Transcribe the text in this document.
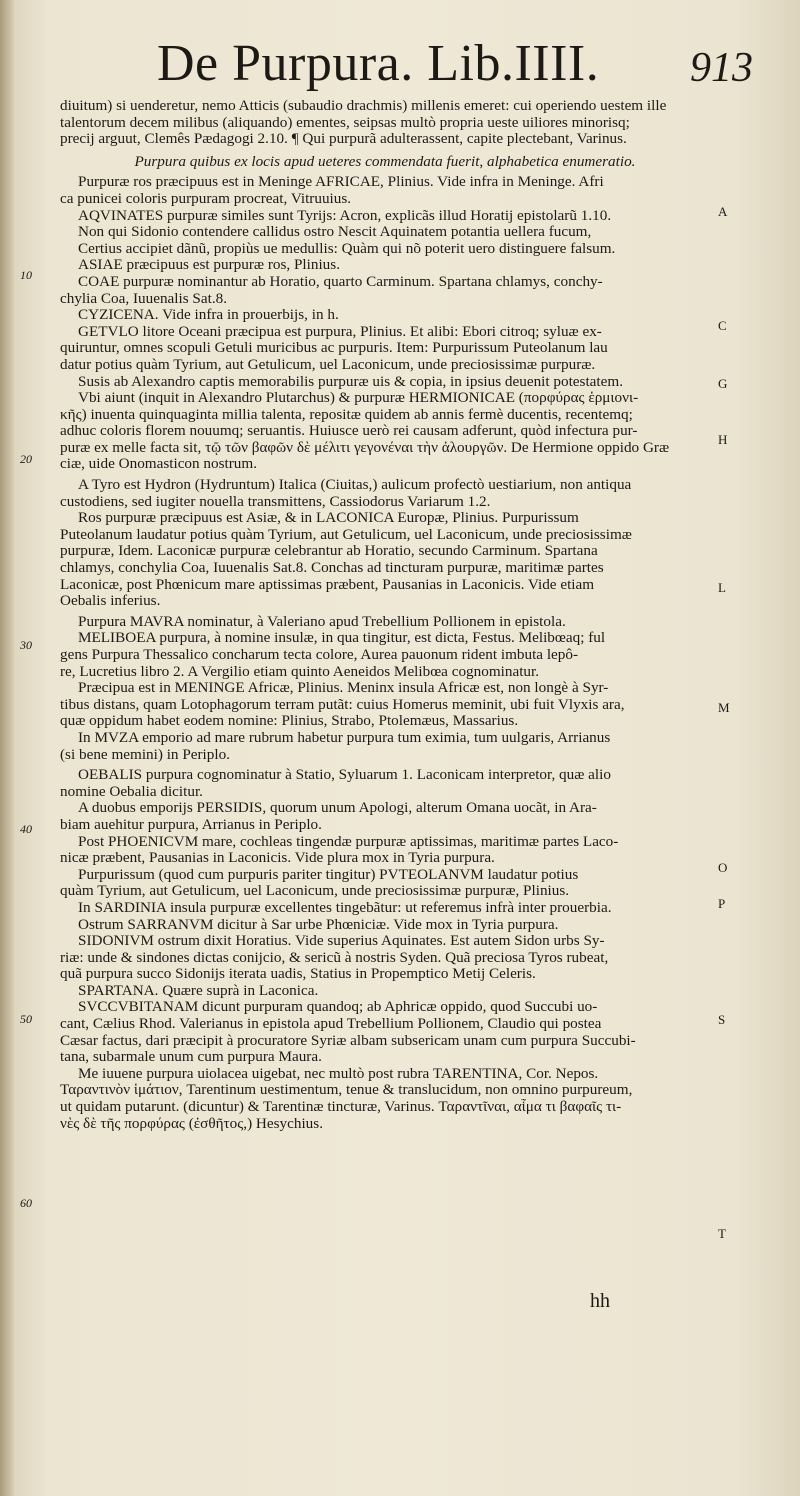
De Purpura. Lib.IIII. 913
diuitum) si uenderetur, nemo Atticis (subaudio drachmis) millenis emeret: cui operiendo uestem ille
talentorum decem milibus (aliquando) ementes, seipsas multò propria ueste uiliores minorisq;
precij arguut, Clemês Pædagogi 2.10. ¶ Qui purpurã adulterassent, capite plectebant, Varinus.
Purpura quibus ex locis apud ueteres commendata fuerit, alphabetica enumeratio.
Purpuræ ros præcipuus est in Meninge AFRICAE, Plinius. Vide infra in Meninge. Afri
ca punicei coloris purpuram procreat, Vitruuius.
AQVINATES purpuræ similes sunt Tyrijs: Acron, explicãs illud Horatij epistolarũ 1.10.
Non qui Sidonio contendere callidus ostro Nescit Aquinatem potantia uellera fucum,
Certius accipiet dãnũ, propiùs ue medullis: Quàm qui nõ poterit uero distinguere falsum.
ASIAE præcipuus est purpuræ ros, Plinius.
COAE purpuræ nominantur ab Horatio, quarto Carminum. Spartana chlamys, conchy-
chylia Coa, Iuuenalis Sat.8.
CYZICENA. Vide infra in prouerbijs, in h.
GETVLO litore Oceani præcipua est purpura, Plinius. Et alibi: Ebori citroq; syluæ ex-
quiruntur, omnes scopuli Getuli muricibus ac purpuris. Item: Purpurissum Puteolanum lau
datur potius quàm Tyrium, aut Getulicum, uel Laconicum, unde preciosissimæ purpuræ.
Susis ab Alexandro captis memorabilis purpuræ uis & copia, in ipsius deuenit potestatem.
Vbi aiunt (inquit in Alexandro Plutarchus) & purpuræ HERMIONICAE (πορφύρας ἑρμιονι-
κῆς) inuenta quinquaginta millia talenta, repositæ quidem ab annis fermè ducentis, recentemq;
adhuc coloris florem nouumq; seruantis. Huiusce uerò rei causam adferunt, quòd infectura pur-
puræ ex melle facta sit, τῷ τῶν βαφῶν δὲ μέλιτι γεγονέναι τὴν ἀλουργῶν. De Hermione oppido Græ
ciæ, uide Onomasticon nostrum.
A Tyro est Hydron (Hydruntum) Italica (Ciuitas,) aulicum profectò uestiarium, non antiqua
custodiens, sed iugiter nouella transmittens, Cassiodorus Variarum 1.2.
Ros purpuræ præcipuus est Asiæ, & in LACONICA Europæ, Plinius. Purpurissum
Puteolanum laudatur potius quàm Tyrium, aut Getulicum, uel Laconicum, unde preciosissimæ
purpuræ, Idem. Laconicæ purpuræ celebrantur ab Horatio, secundo Carminum. Spartana
chlamys, conchylia Coa, Iuuenalis Sat.8. Conchas ad tincturam purpuræ, maritimæ partes
Laconicæ, post Phœnicum mare aptissimas præbent, Pausanias in Laconicis. Vide etiam
Oebalis inferius.
Purpura MAVRA nominatur, à Valeriano apud Trebellium Pollionem in epistola.
MELIBOEA purpura, à nomine insulæ, in qua tingitur, est dicta, Festus. Melibœaq; ful
gens Purpura Thessalico concharum tecta colore, Aurea pauonum rident imbuta lepô-
re, Lucretius libro 2. A Vergilio etiam quinto Aeneidos Melibœa cognominatur.
Præcipua est in MENINGE Africæ, Plinius. Meninx insula Africæ est, non longè à Syr-
tibus distans, quam Lotophagorum terram putãt: cuius Homerus meminit, ubi fuit Vlyxis ara,
quæ oppidum habet eodem nomine: Plinius, Strabo, Ptolemæus, Massarius.
In MVZA emporio ad mare rubrum habetur purpura tum eximia, tum uulgaris, Arrianus
(si bene memini) in Periplo.
OEBALIS purpura cognominatur à Statio, Syluarum 1. Laconicam interpretor, quæ alio
nomine Oebalia dicitur.
A duobus emporijs PERSIDIS, quorum unum Apologi, alterum Omana uocãt, in Ara-
biam auehitur purpura, Arrianus in Periplo.
Post PHOENICVM mare, cochleas tingendæ purpuræ aptissimas, maritimæ partes Laco-
nicæ præbent, Pausanias in Laconicis. Vide plura mox in Tyria purpura.
Purpurissum (quod cum purpuris pariter tingitur) PVTEOLANVM laudatur potius
quàm Tyrium, aut Getulicum, uel Laconicum, unde preciosissimæ purpuræ, Plinius.
In SARDINIA insula purpuræ excellentes tingebãtur: ut referemus infrà inter prouerbia.
Ostrum SARRANVM dicitur à Sar urbe Phœniciæ. Vide mox in Tyria purpura.
SIDONIVM ostrum dixit Horatius. Vide superius Aquinates. Est autem Sidon urbs Sy-
riæ: unde & sindones dictas conijcio, & sericũ à nostris Syden. Quã preciosa Tyros rubeat,
quã purpura succo Sidonijs iterata uadis, Statius in Propemptico Metij Celeris.
SPARTANA. Quære suprà in Laconica.
SVCCVBITANAM dicunt purpuram quandoq; ab Aphricæ oppido, quod Succubi uo-
cant, Cælius Rhod. Valerianus in epistola apud Trebellium Pollionem, Claudio qui postea
Cæsar factus, dari præcipit à procuratore Syriæ albam subsericam unam cum purpura Succubi-
tana, subarmale unum cum purpura Maura.
Me iuuene purpura uiolacea uigebat, nec multò post rubra TARENTINA, Cor. Nepos.
Ταραντινὸν ἱμάτιον, Tarentinum uestimentum, tenue & translucidum, non omnino purpureum,
ut quidam putarunt. (dicuntur) & Tarentinæ tincturæ, Varinus. Ταραντῖναι, αἷμα τι βαφαῖς τι-
νὲς δὲ τῆς πορφύρας (ἐσθῆτος,) Hesychius.
hh
10
20
30
40
50
60
A
C
G
H
L
M
O
P
S
T
